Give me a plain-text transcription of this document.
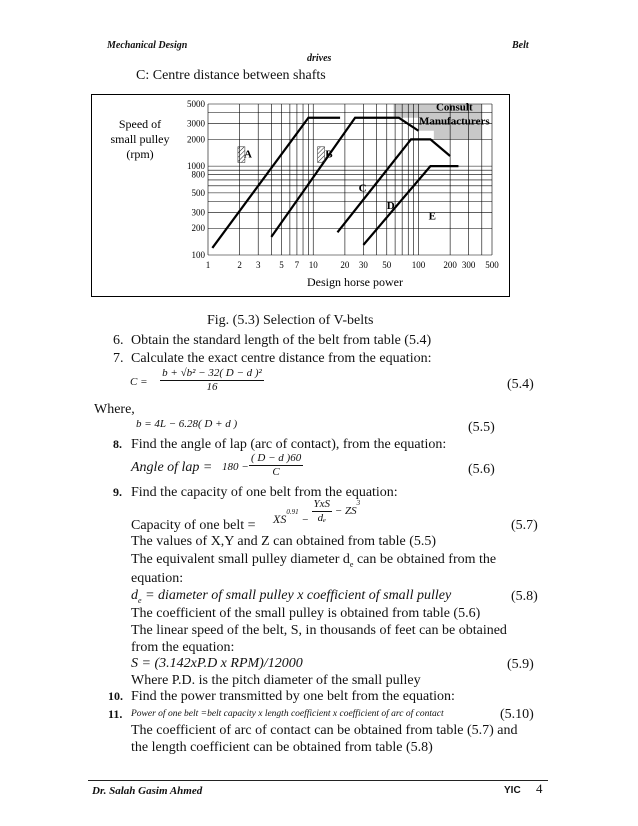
Mechanical Design	Belt
drives
C: Centre distance between shafts
Consult
Manufacturers
A	B
C
D
E
100
200
300
500
800
1000
2000
3000
5000
1	2 3 5 7 10	20 30 50 100 200 300 500
Speed of
small pulley
(rpm)
Design horse power
Fig. (5.3) Selection of V-belts
6. Obtain the standard length of the belt from table (5.4)
7. Calculate the exact centre distance from the equation:
$C = \frac{\text{b + √b² − 32( D − d )²}}{16}$	(5.4)
Where,
b = 4L − 6.28( D + d )	(5.5)
8. Find the angle of lap (arc of contact), from the equation:
Angle of lap = $180 - \frac{( D - d )60}{C}$	(5.6)
9. Find the capacity of one belt from the equation:
$XS^{0.91} - \frac{\text{YxS}}{\text{dₑ}} - ZS^3$
Capacity of one belt =	(5.7)
The values of X,Y and Z can obtained from table (5.5)
The equivalent small pulley diameter $d_e$ can be obtained from the
equation:
$d_e$ = diameter of small pulley x coefficient of small pulley	(5.8)
The coefficient of the small pulley is obtained from table (5.6)
The linear speed of the belt, S, in thousands of feet can be obtained
from the equation:
S = (3.142xP.D x RPM)/12000	(5.9)
Where P.D. is the pitch diameter of the small pulley
10. Find the power transmitted by one belt from the equation:
11. Power of one belt =belt capacity x length coefficient x coefficient of arc of contact	(5.10)
The coefficient of arc of contact can be obtained from table (5.7) and
the length coefficient can be obtained from table (5.8)
Dr. Salah Gasim Ahmed	YIC 4
